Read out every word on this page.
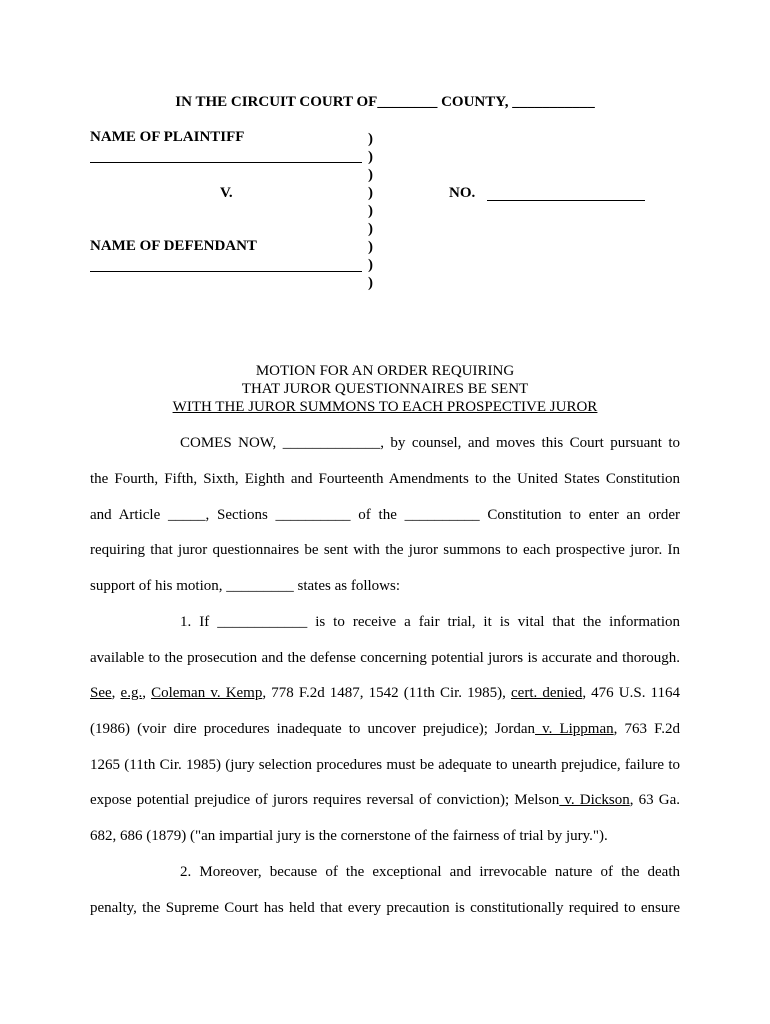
IN THE CIRCUIT COURT OF________ COUNTY, ___________
NAME OF PLAINTIFF
V.
NAME OF DEFENDANT
)
)
)
)
)
)
)
)
)
NO.
MOTION FOR AN ORDER REQUIRING
THAT JUROR QUESTIONNAIRES BE SENT
WITH THE JUROR SUMMONS TO EACH PROSPECTIVE JUROR
COMES NOW, _____________, by counsel, and moves this Court pursuant to
the Fourth, Fifth, Sixth, Eighth and Fourteenth Amendments to the United States Constitution
and Article _____, Sections __________ of the __________ Constitution to enter an order
requiring that juror questionnaires be sent with the juror summons to each prospective juror. In
support of his motion, _________ states as follows:
1. If ____________ is to receive a fair trial, it is vital that the information
available to the prosecution and the defense concerning potential jurors is accurate and thorough.
See, e.g., Coleman v. Kemp, 778 F.2d 1487, 1542 (11th Cir. 1985), cert. denied, 476 U.S. 1164
(1986) (voir dire procedures inadequate to uncover prejudice); Jordan v. Lippman, 763 F.2d
1265 (11th Cir. 1985) (jury selection procedures must be adequate to unearth prejudice, failure to
expose potential prejudice of jurors requires reversal of conviction); Melson v. Dickson, 63 Ga.
682, 686 (1879) ("an impartial jury is the cornerstone of the fairness of trial by jury.").
2. Moreover, because of the exceptional and irrevocable nature of the death
penalty, the Supreme Court has held that every precaution is constitutionally required to ensure
